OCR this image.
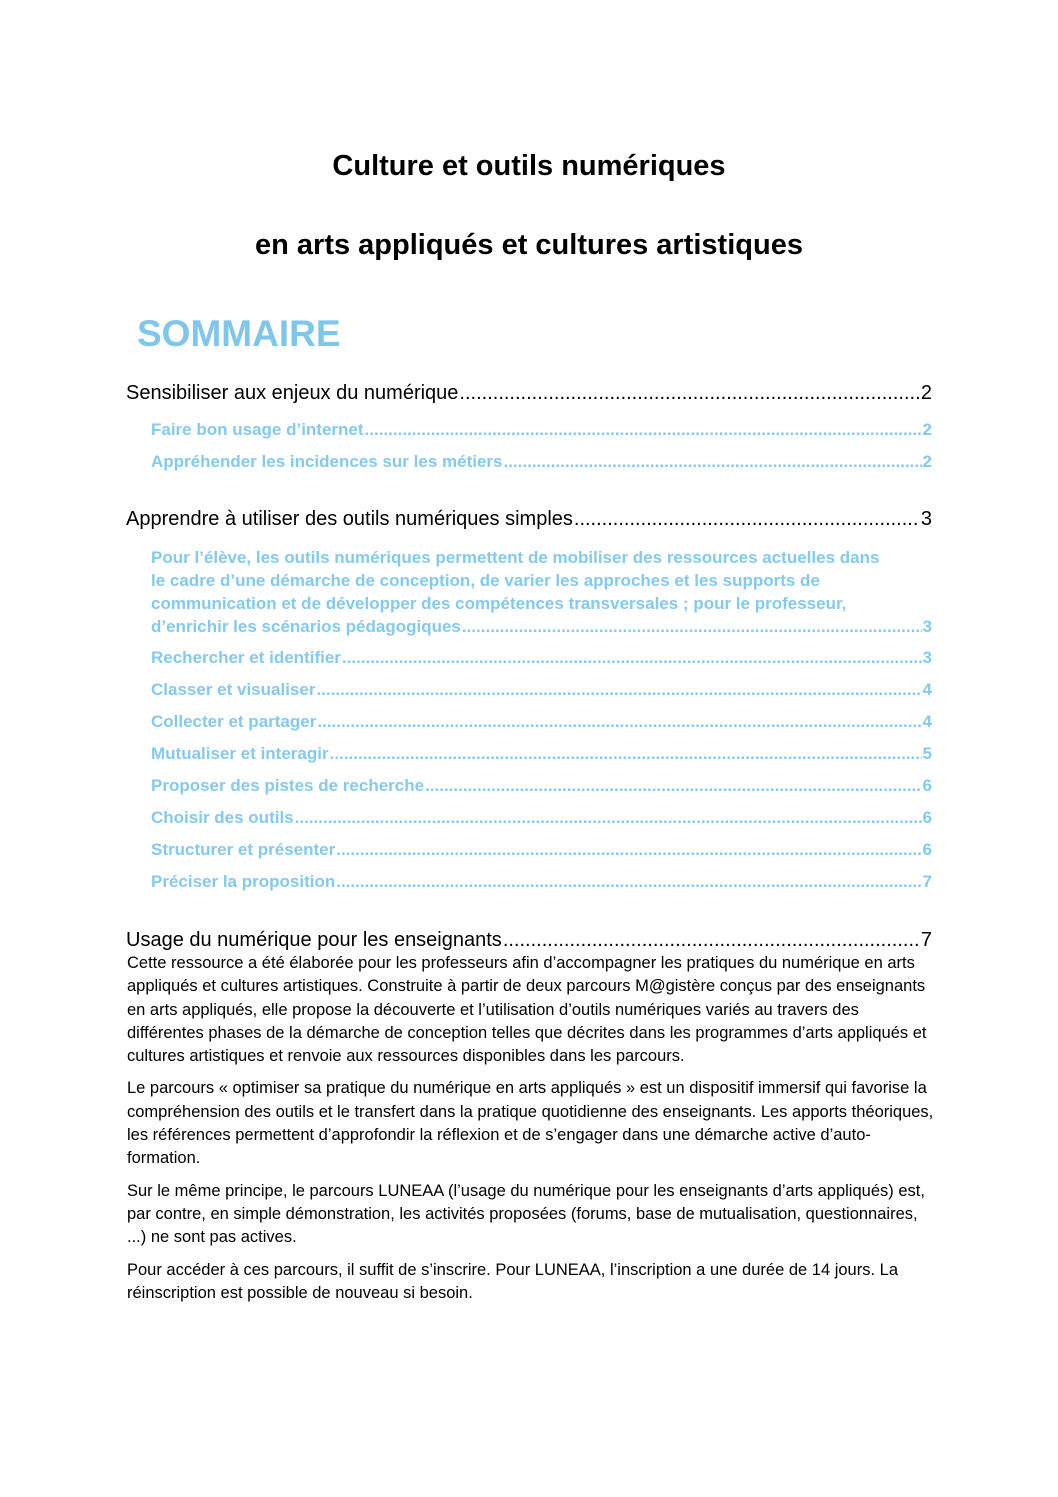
Culture et outils numériques
en arts appliqués et cultures artistiques
SOMMAIRE
Sensibiliser aux enjeux du numérique .....	2
Faire bon usage d’internet .....	2
Appréhender les incidences sur les métiers .....	2
Apprendre à utiliser des outils numériques simples .....	3
Pour l’élève, les outils numériques permettent de mobiliser des ressources actuelles dans
le cadre d’une démarche de conception, de varier les approches et les supports de
communication et de développer des compétences transversales ; pour le professeur,
d’enrichir les scénarios pédagogiques .....	3
Rechercher et identifier .....	3
Classer et visualiser .....	4
Collecter et partager .....	4
Mutualiser et interagir .....	5
Proposer des pistes de recherche .....	6
Choisir des outils .....	6
Structurer et présenter .....	6
Préciser la proposition .....	7
Usage du numérique pour les enseignants .....	7

Cette ressource a été élaborée pour les professeurs afin d’accompagner les pratiques du numérique en arts appliqués et cultures artistiques. Construite à partir de deux parcours M@gistère conçus par des enseignants en arts appliqués, elle propose la découverte et l’utilisation d’outils numériques variés au travers des différentes phases de la démarche de conception telles que décrites dans les programmes d’arts appliqués et cultures artistiques et renvoie aux ressources disponibles dans les parcours.

Le parcours « optimiser sa pratique du numérique en arts appliqués » est un dispositif immersif qui favorise la compréhension des outils et le transfert dans la pratique quotidienne des enseignants. Les apports théoriques, les références permettent d’approfondir la réflexion et de s’engager dans une démarche active d’auto-formation.

Sur le même principe, le parcours LUNEAA (l’usage du numérique pour les enseignants d’arts appliqués) est, par contre, en simple démonstration, les activités proposées (forums, base de mutualisation, questionnaires, ...) ne sont pas actives.

Pour accéder à ces parcours, il suffit de s’inscrire. Pour LUNEAA, l’inscription a une durée de 14 jours. La réinscription est possible de nouveau si besoin.
